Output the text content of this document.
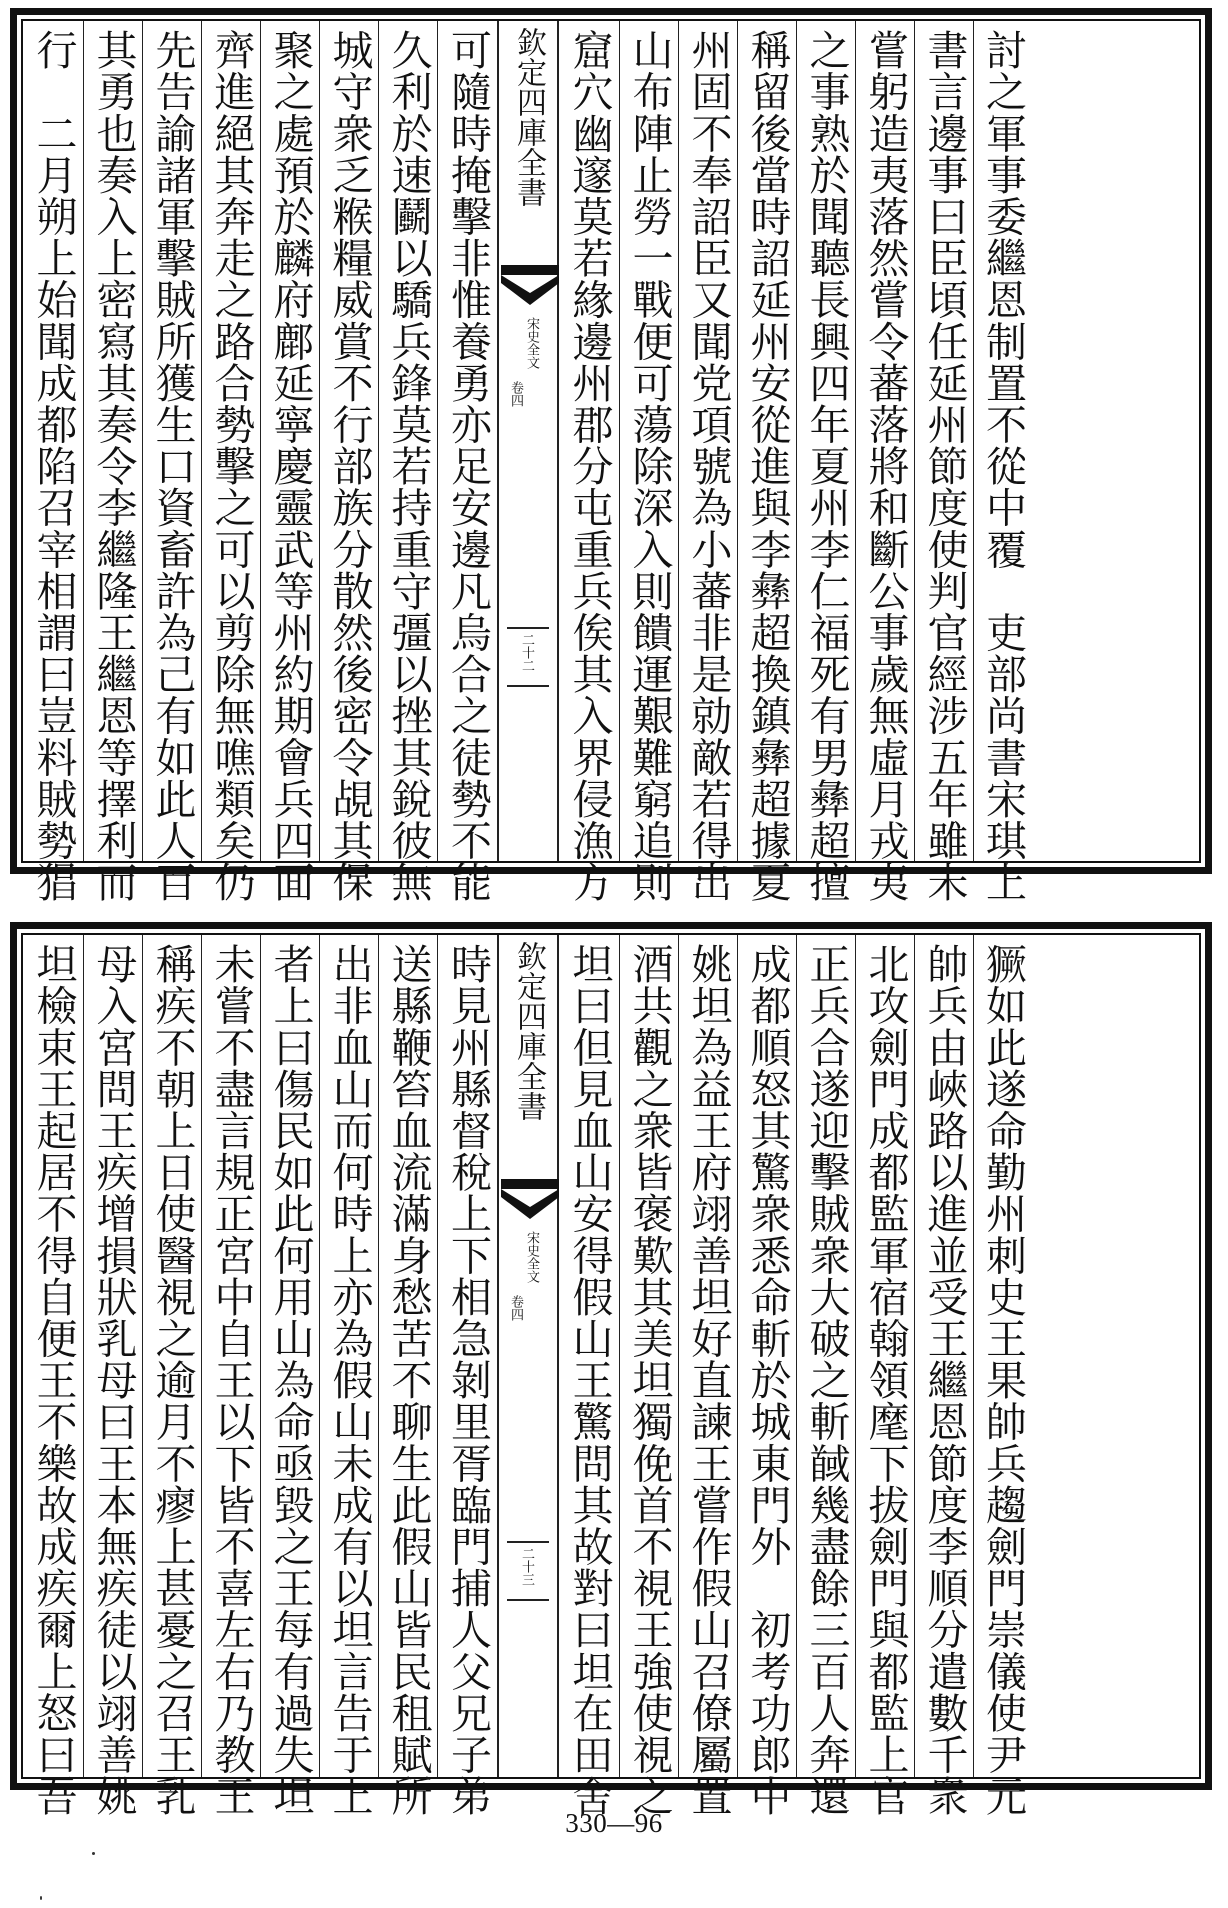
行　二月朔上始聞成都陷召宰相謂曰豈料賊勢猖 其勇也奏入上密寫其奏令李繼隆王繼恩等擇利而 先告諭諸軍擊賊所獲生口資畜許為己有如此人百 齊進絕其奔走之路合勢擊之可以剪除無噍類矣仍 聚之處預於麟府鄜延寧慶靈武等州約期會兵四面 城守衆乏糇糧威賞不行部族分散然後密令覘其保 久利於速鬬以驕兵鋒莫若持重守彊以挫其銳彼無 可隨時掩擊非惟養勇亦足安邊凡烏合之徒勢不能 欽定四庫全書
宋史全文
卷四
二十二 窟穴幽邃莫若緣邊州郡分屯重兵俟其入界侵漁方 山布陣止勞一戰便可蕩除深入則饋運艱難窮追則 州固不奉詔臣又聞党項號為小蕃非是勍敵若得出 稱留後當時詔延州安從進與李彝超換鎮彝超據夏 之事熟於聞聽長興四年夏州李仁福死有男彝超擅 嘗躬造夷落然嘗令蕃落將和斷公事歲無虛月戎夷 書言邊事曰臣頃任延州節度使判官經涉五年雖未 討之軍事委繼恩制置不從中覆　吏部尚書宋琪上
坦檢束王起居不得自便王不樂故成疾爾上怒曰吾 母入宮問王疾增損狀乳母曰王本無疾徒以翊善姚 稱疾不朝上日使醫視之逾月不瘳上甚憂之召王乳 未嘗不盡言規正宮中自王以下皆不喜左右乃教王 者上曰傷民如此何用山為命亟毀之王每有過失坦 出非血山而何時上亦為假山未成有以坦言告于上 送縣鞭笞血流滿身愁苦不聊生此假山皆民租賦所 時見州縣督稅上下相急剝里胥臨門捕人父兄子弟 欽定四庫全書
宋史全文
卷四
二十三 坦曰但見血山安得假山王驚問其故對曰坦在田舍 酒共觀之衆皆褒歎其美坦獨俛首不視王強使視之 姚坦為益王府翊善坦好直諫王嘗作假山召僚屬置 成都順怒其驚衆悉命斬於城東門外　初考功郎中 正兵合遂迎擊賊衆大破之斬馘幾盡餘三百人奔還 北攻劍門成都監軍宿翰領麾下拔劍門與都監上官 帥兵由峽路以進並受王繼恩節度李順分遣數千衆 獗如此遂命勤州刺史王果帥兵趨劍門崇儀使尹元
330—96
